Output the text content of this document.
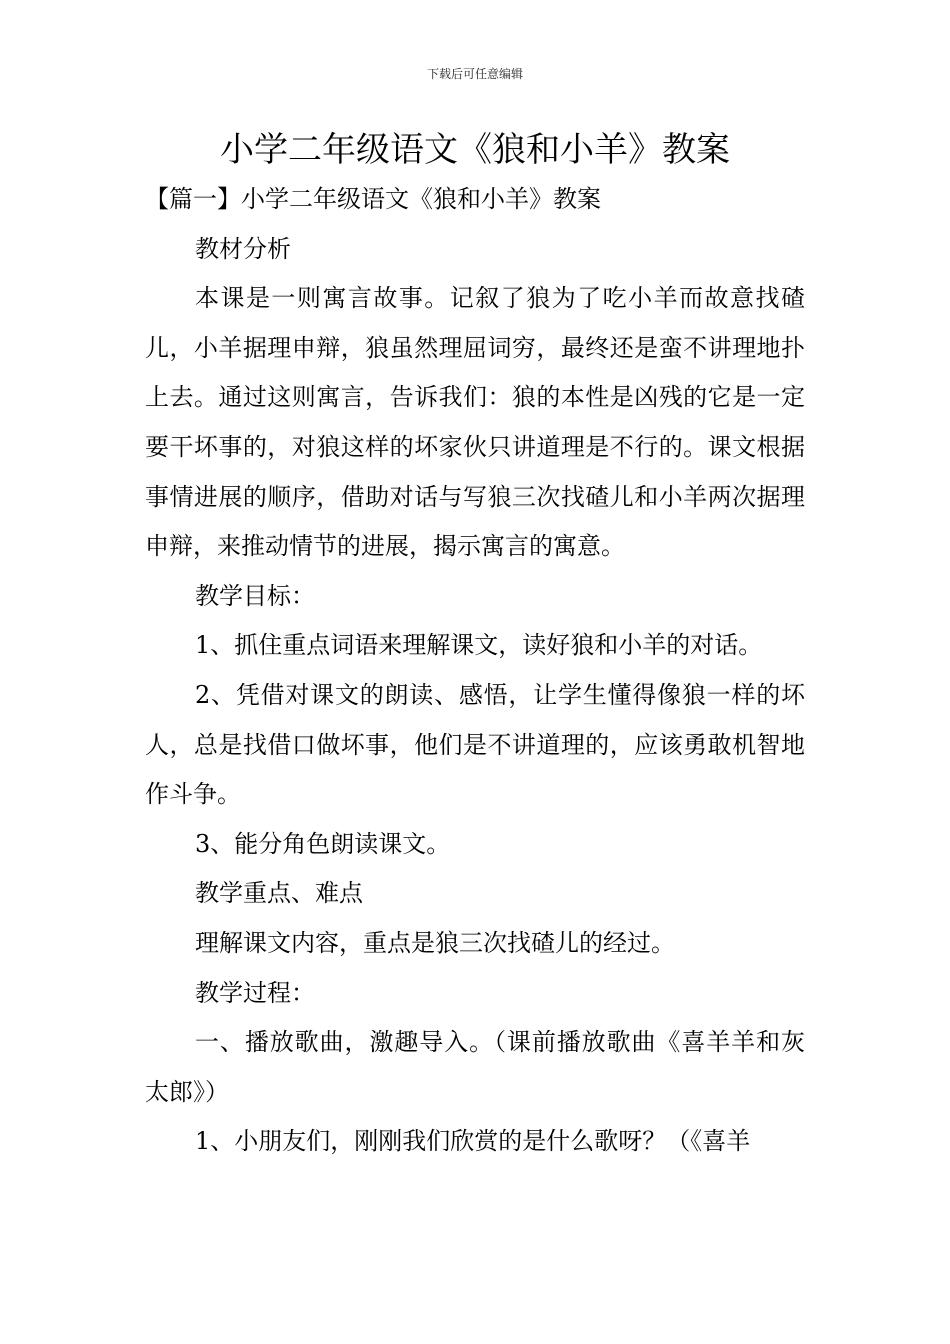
下载后可任意编辑
小学二年级语文《狼和小羊》教案

【篇一】小学二年级语文《狼和小羊》教案

教材分析

本课是一则寓言故事。记叙了狼为了吃小羊而故意找碴儿，小羊据理申辩，狼虽然理屈词穷，最终还是蛮不讲理地扑上去。通过这则寓言，告诉我们：狼的本性是凶残的它是一定要干坏事的，对狼这样的坏家伙只讲道理是不行的。课文根据事情进展的顺序，借助对话与写狼三次找碴儿和小羊两次据理申辩，来推动情节的进展，揭示寓言的寓意。

教学目标：

1、抓住重点词语来理解课文，读好狼和小羊的对话。

2、凭借对课文的朗读、感悟，让学生懂得像狼一样的坏人，总是找借口做坏事，他们是不讲道理的，应该勇敢机智地作斗争。

3、能分角色朗读课文。

教学重点、难点

理解课文内容，重点是狼三次找碴儿的经过。

教学过程：

一、播放歌曲，激趣导入。（课前播放歌曲《喜羊羊和灰太郎》）

1、小朋友们，刚刚我们欣赏的是什么歌呀？（《喜羊
